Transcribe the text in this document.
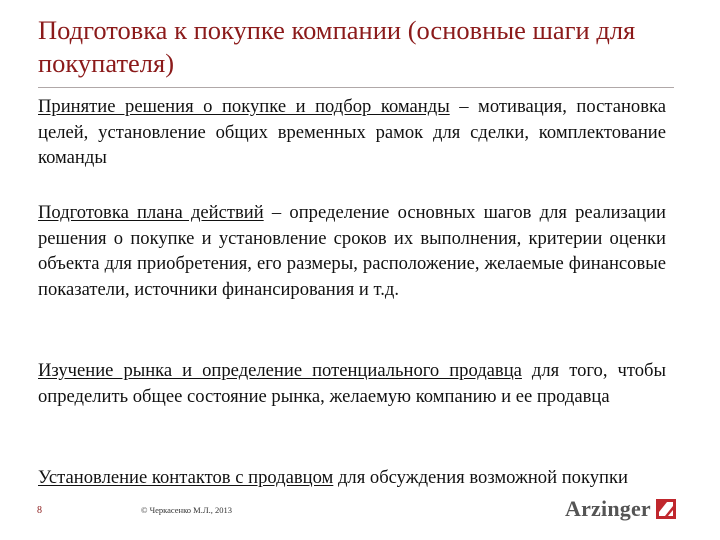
Подготовка к покупке компании (основные шаги для покупателя)

Принятие решения о покупке и подбор команды – мотивация, постановка целей, установление общих временных рамок для сделки, комплектование команды

Подготовка плана действий – определение основных шагов для реализации решения о покупке и установление сроков их выполнения, критерии оценки объекта для приобретения, его размеры, расположение, желаемые финансовые показатели, источники финансирования и т.д.

Изучение рынка и определение потенциального продавца для того, чтобы определить общее состояние рынка, желаемую компанию и ее продавца

Установление контактов с продавцом для обсуждения возможной покупки

8	© Черкасенко М.Л., 2013	Arzinger
